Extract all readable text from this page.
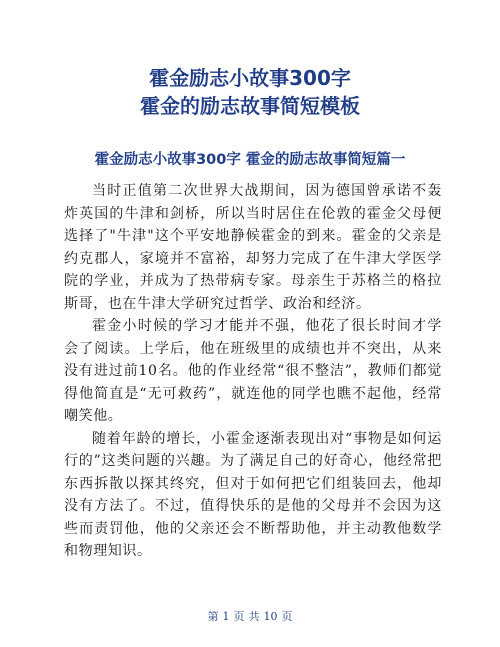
霍金励志小故事300字
霍金的励志故事简短模板
霍金励志小故事300字 霍金的励志故事简短篇一

当时正值第二次世界大战期间，因为德国曾承诺不轰炸英国的牛津和剑桥，所以当时居住在伦敦的霍金父母便选择了"牛津"这个平安地静候霍金的到来。霍金的父亲是约克郡人，家境并不富裕，却努力完成了在牛津大学医学院的学业，并成为了热带病专家。母亲生于苏格兰的格拉斯哥，也在牛津大学研究过哲学、政治和经济。

霍金小时候的学习才能并不强，他花了很长时间才学会了阅读。上学后，他在班级里的成绩也并不突出，从来没有进过前10名。他的作业经常“很不整洁”，教师们都觉得他简直是“无可救药”，就连他的同学也瞧不起他，经常嘲笑他。

随着年龄的增长，小霍金逐渐表现出对“事物是如何运行的”这类问题的兴趣。为了满足自己的好奇心，他经常把东西拆散以探其终究，但对于如何把它们组装回去，他却没有方法了。不过，值得快乐的是他的父母并不会因为这些而责罚他，他的父亲还会不断帮助他，并主动教他数学和物理知识。

第 1 页 共 10 页
